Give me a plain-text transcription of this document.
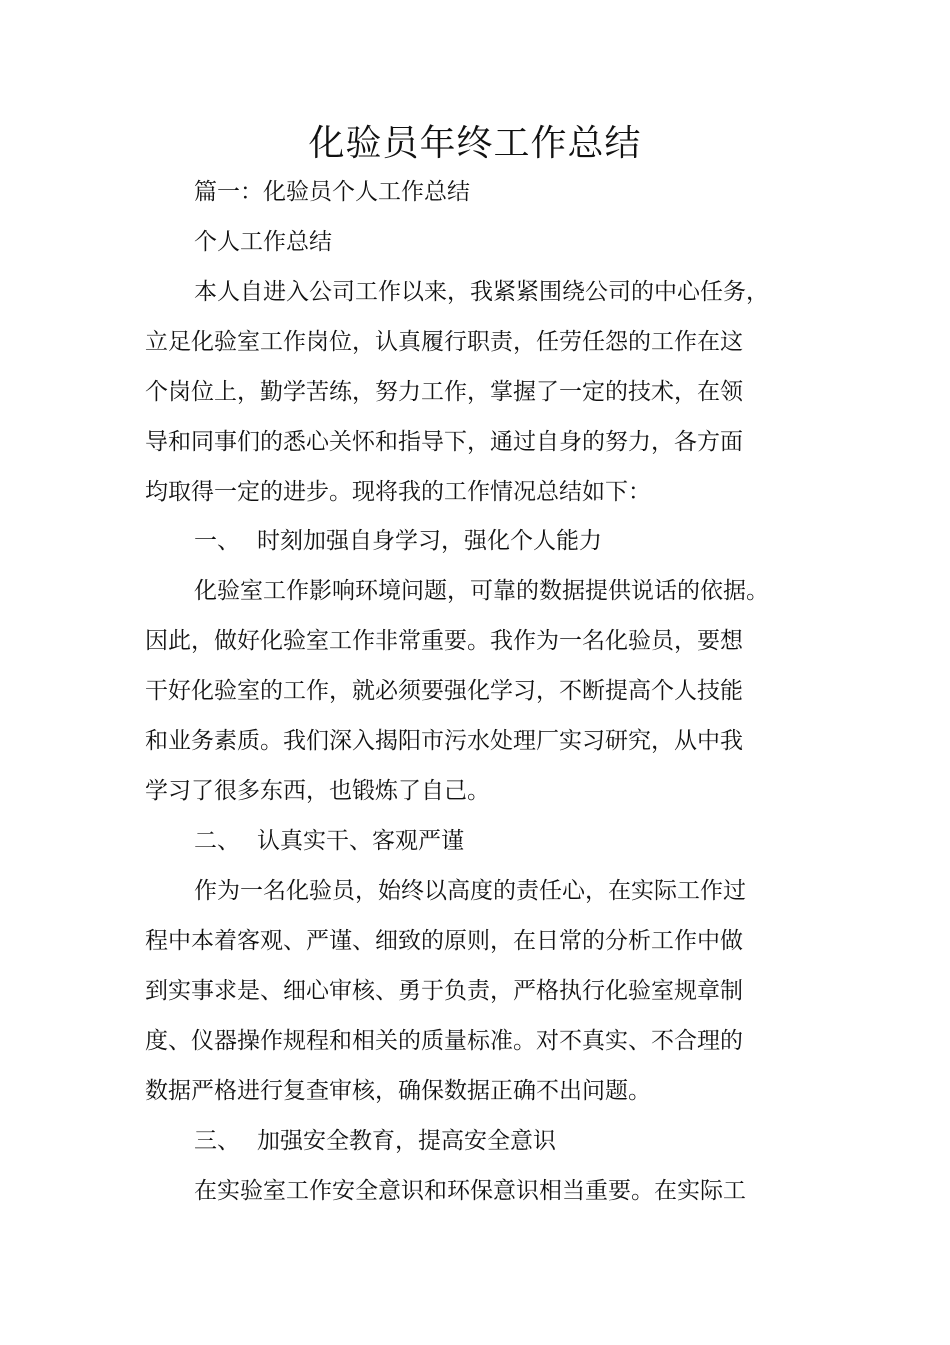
化验员年终工作总结
篇一：化验员个人工作总结
个人工作总结
本人自进入公司工作以来，我紧紧围绕公司的中心任务，
立足化验室工作岗位，认真履行职责，任劳任怨的工作在这
个岗位上，勤学苦练，努力工作，掌握了一定的技术，在领
导和同事们的悉心关怀和指导下，通过自身的努力，各方面
均取得一定的进步。现将我的工作情况总结如下：
一、 时刻加强自身学习，强化个人能力
化验室工作影响环境问题，可靠的数据提供说话的依据。
因此，做好化验室工作非常重要。我作为一名化验员，要想
干好化验室的工作，就必须要强化学习，不断提高个人技能
和业务素质。我们深入揭阳市污水处理厂实习研究，从中我
学习了很多东西，也锻炼了自己。
二、 认真实干、客观严谨
作为一名化验员，始终以高度的责任心，在实际工作过
程中本着客观、严谨、细致的原则，在日常的分析工作中做
到实事求是、细心审核、勇于负责，严格执行化验室规章制
度、仪器操作规程和相关的质量标准。对不真实、不合理的
数据严格进行复查审核，确保数据正确不出问题。
三、 加强安全教育，提高安全意识
在实验室工作安全意识和环保意识相当重要。在实际工
